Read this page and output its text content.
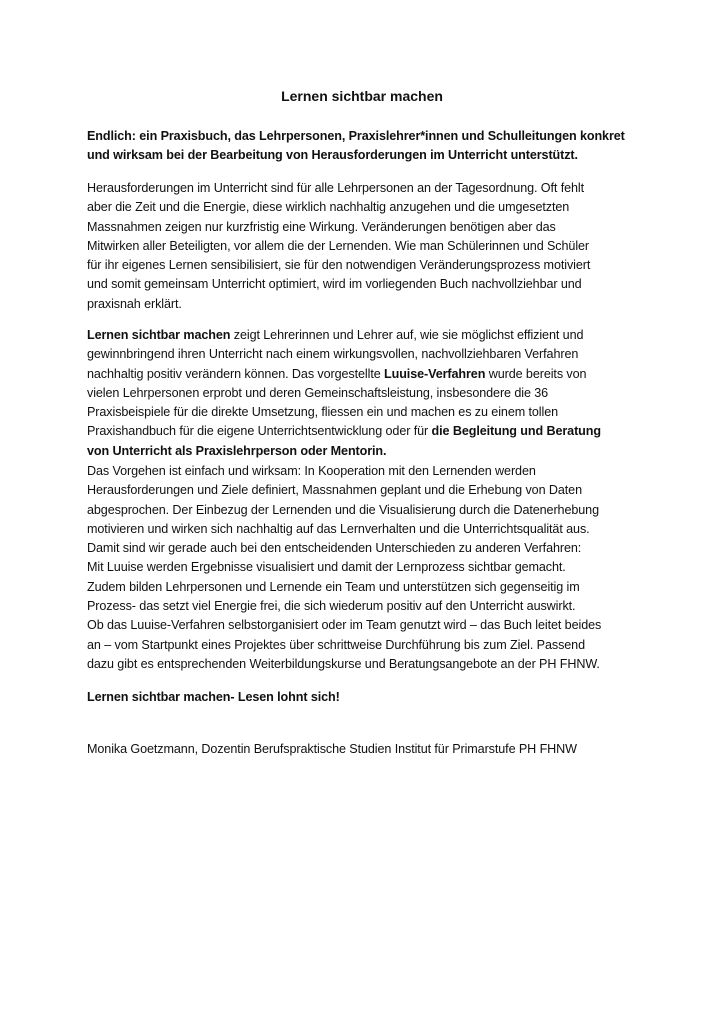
Lernen sichtbar machen
Endlich: ein Praxisbuch, das Lehrpersonen, Praxislehrer*innen und Schulleitungen konkret
und wirksam bei der Bearbeitung von Herausforderungen im Unterricht unterstützt.
Herausforderungen im Unterricht sind für alle Lehrpersonen an der Tagesordnung. Oft fehlt
aber die Zeit und die Energie, diese wirklich nachhaltig anzugehen und die umgesetzten
Massnahmen zeigen nur kurzfristig eine Wirkung. Veränderungen benötigen aber das
Mitwirken aller Beteiligten, vor allem die der Lernenden. Wie man Schülerinnen und Schüler
für ihr eigenes Lernen sensibilisiert, sie für den notwendigen Veränderungsprozess motiviert
und somit gemeinsam Unterricht optimiert, wird im vorliegenden Buch nachvollziehbar und
praxisnah erklärt.
Lernen sichtbar machen zeigt Lehrerinnen und Lehrer auf, wie sie möglichst effizient und
gewinnbringend ihren Unterricht nach einem wirkungsvollen, nachvollziehbaren Verfahren
nachhaltig positiv verändern können. Das vorgestellte Luuise-Verfahren wurde bereits von
vielen Lehrpersonen erprobt und deren Gemeinschaftsleistung, insbesondere die 36
Praxisbeispiele für die direkte Umsetzung, fliessen ein und machen es zu einem tollen
Praxishandbuch für die eigene Unterrichtsentwicklung oder für die Begleitung und Beratung
von Unterricht als Praxislehrperson oder Mentorin.
Das Vorgehen ist einfach und wirksam: In Kooperation mit den Lernenden werden
Herausforderungen und Ziele definiert, Massnahmen geplant und die Erhebung von Daten
abgesprochen. Der Einbezug der Lernenden und die Visualisierung durch die Datenerhebung
motivieren und wirken sich nachhaltig auf das Lernverhalten und die Unterrichtsqualität aus.
Damit sind wir gerade auch bei den entscheidenden Unterschieden zu anderen Verfahren:
Mit Luuise werden Ergebnisse visualisiert und damit der Lernprozess sichtbar gemacht.
Zudem bilden Lehrpersonen und Lernende ein Team und unterstützen sich gegenseitig im
Prozess- das setzt viel Energie frei, die sich wiederum positiv auf den Unterricht auswirkt.
Ob das Luuise-Verfahren selbstorganisiert oder im Team genutzt wird – das Buch leitet beides
an – vom Startpunkt eines Projektes über schrittweise Durchführung bis zum Ziel. Passend
dazu gibt es entsprechenden Weiterbildungskurse und Beratungsangebote an der PH FHNW.
Lernen sichtbar machen- Lesen lohnt sich!
Monika Goetzmann, Dozentin Berufspraktische Studien Institut für Primarstufe PH FHNW
